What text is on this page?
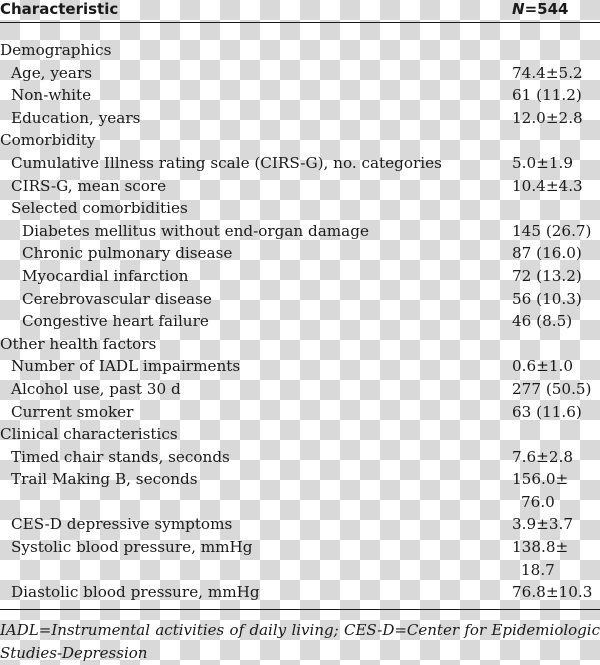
Characteristic	N=544
Demographics
Age, years	74.4±5.2
Non-white	61 (11.2)
Education, years	12.0±2.8
Comorbidity
Cumulative Illness rating scale (CIRS-G), no. categories	5.0±1.9
CIRS-G, mean score	10.4±4.3
Selected comorbidities
Diabetes mellitus without end-organ damage	145 (26.7)
Chronic pulmonary disease	87 (16.0)
Myocardial infarction	72 (13.2)
Cerebrovascular disease	56 (10.3)
Congestive heart failure	46 (8.5)
Other health factors
Number of IADL impairments	0.6±1.0
Alcohol use, past 30 d	277 (50.5)
Current smoker	63 (11.6)
Clinical characteristics
Timed chair stands, seconds	7.6±2.8
Trail Making B, seconds	156.0±
76.0
CES-D depressive symptoms	3.9±3.7
Systolic blood pressure, mmHg	138.8±
18.7
Diastolic blood pressure, mmHg	76.8±10.3
IADL=Instrumental activities of daily living; CES-D=Center for Epidemiologic Studies-Depression
